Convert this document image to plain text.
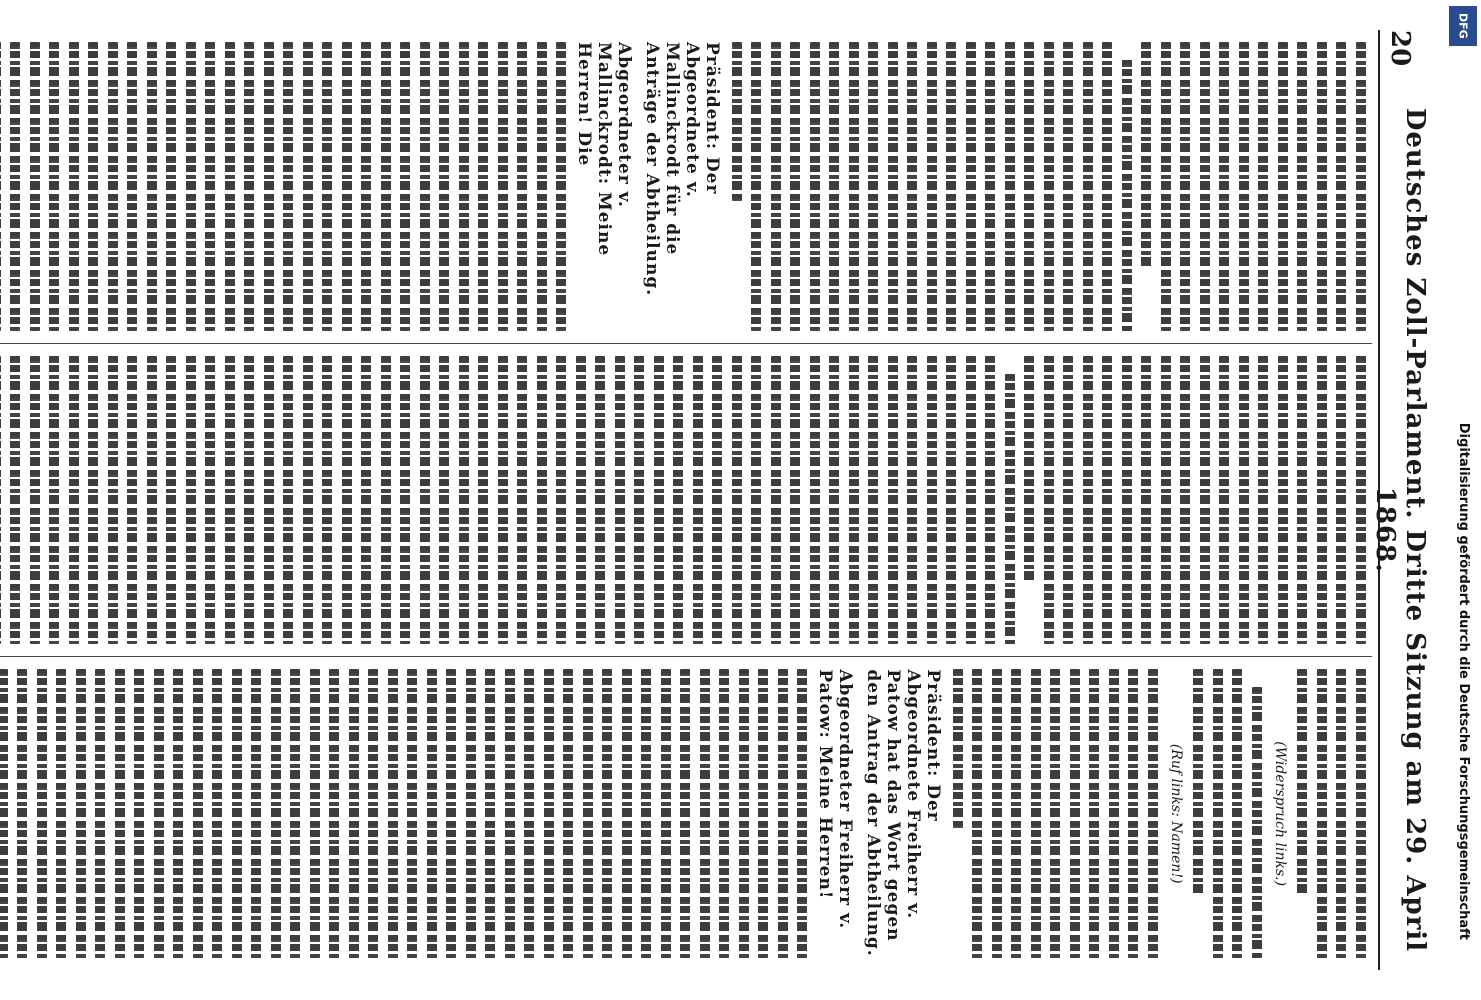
20
Deutsches Zoll-Parlament. Dritte Sitzung am 29. April 1868.
Präsident: Der Abgeordnete v. Mallinckrodt für die Anträge der Abtheilung.
Abgeordneter v. Mallinckrodt: Meine Herren! Die
(Widerspruch links.)
(Ruf links: Namen!)
Präsident: Der Abgeordnete Freiherr v. Patow hat das Wort gegen den Antrag der Abtheilung.
Abgeordneter Freiherr v. Patow: Meine Herren!
DFG
Digitalisierung gefördert durch die Deutsche Forschungsgemeinschaft
